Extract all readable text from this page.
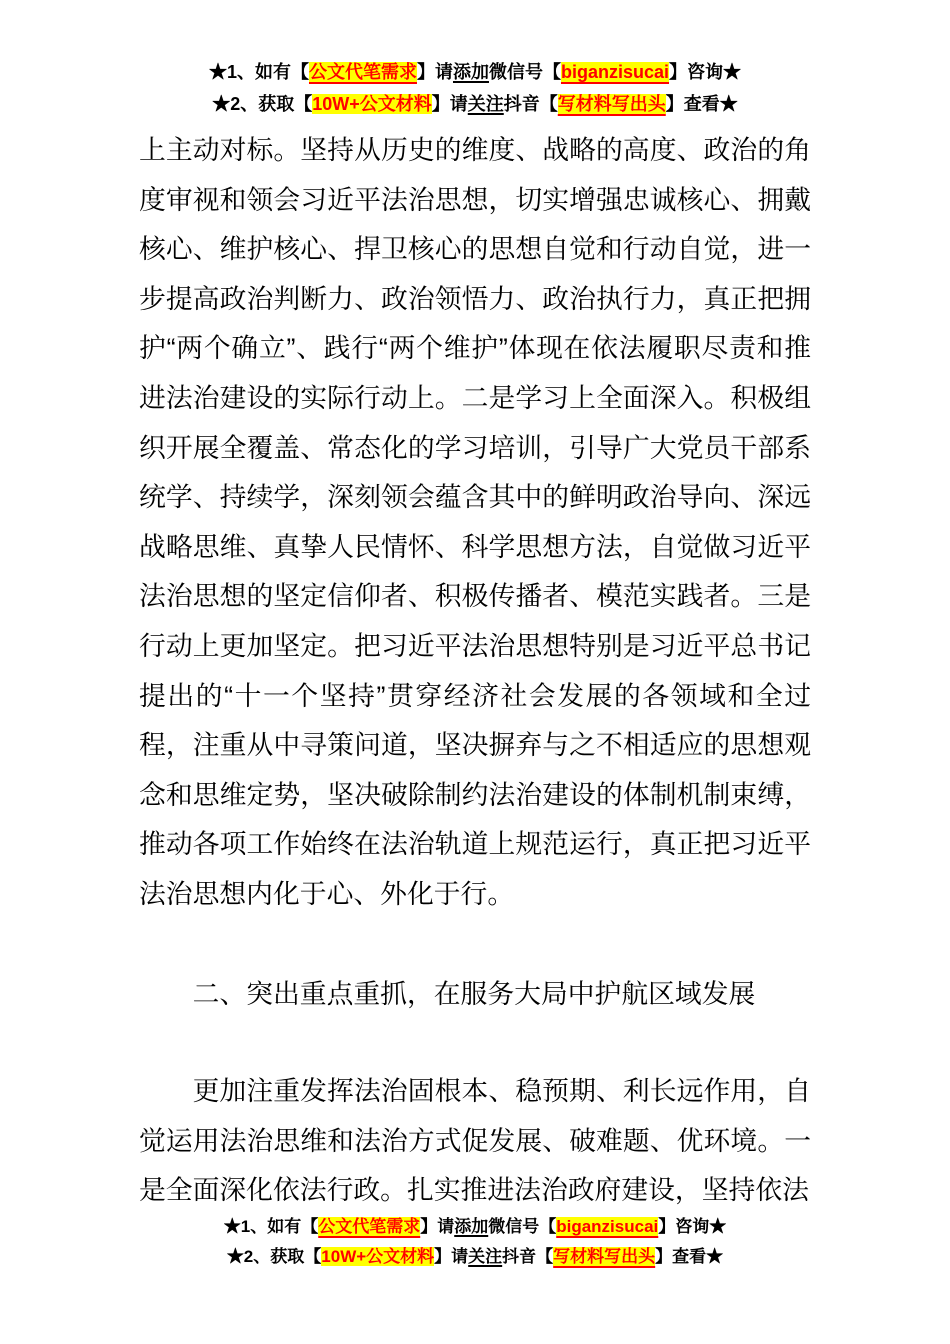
★1、如有【公文代笔需求】请添加微信号【biganzisucai】咨询★
★2、获取【10W+公文材料】请关注抖音【写材料写出头】查看★

上主动对标。坚持从历史的维度、战略的高度、政治的角度审视和领会习近平法治思想，切实增强忠诚核心、拥戴核心、维护核心、捍卫核心的思想自觉和行动自觉，进一步提高政治判断力、政治领悟力、政治执行力，真正把拥护“两个确立”、践行“两个维护”体现在依法履职尽责和推进法治建设的实际行动上。二是学习上全面深入。积极组织开展全覆盖、常态化的学习培训，引导广大党员干部系统学、持续学，深刻领会蕴含其中的鲜明政治导向、深远战略思维、真挚人民情怀、科学思想方法，自觉做习近平法治思想的坚定信仰者、积极传播者、模范实践者。三是行动上更加坚定。把习近平法治思想特别是习近平总书记提出的“十一个坚持”贯穿经济社会发展的各领域和全过程，注重从中寻策问道，坚决摒弃与之不相适应的思想观念和思维定势，坚决破除制约法治建设的体制机制束缚，推动各项工作始终在法治轨道上规范运行，真正把习近平法治思想内化于心、外化于行。

二、突出重点重抓，在服务大局中护航区域发展

更加注重发挥法治固根本、稳预期、利长远作用，自觉运用法治思维和法治方式促发展、破难题、优环境。一是全面深化依法行政。扎实推进法治政府建设，坚持依法

★1、如有【公文代笔需求】请添加微信号【biganzisucai】咨询★
★2、获取【10W+公文材料】请关注抖音【写材料写出头】查看★
